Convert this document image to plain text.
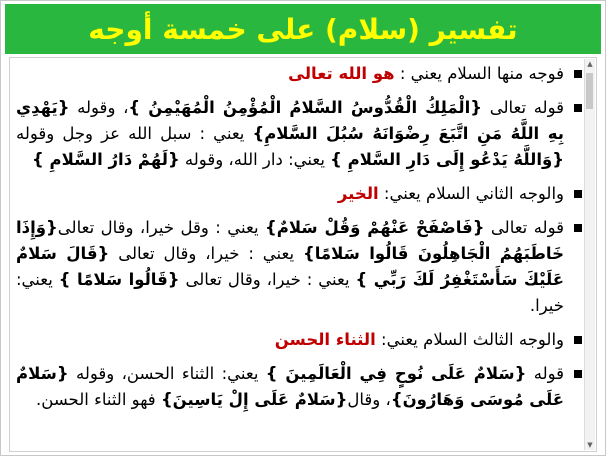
تفسير (سلام) على خمسة أوجه
▲
▼
فوجه منها السلام يعني : هو الله تعالى
قوله تعالى {الْمَلِكُ الْقُدُّوسُ السَّلامُ الْمُؤْمِنُ الْمُهَيْمِنُ }، وقوله {يَهْدِي بِهِ اللَّهُ مَنِ اتَّبَعَ رِضْوَانَهُ سُبُلَ السَّلامِ} يعني : سبل الله عز وجل وقوله {وَاللَّهُ يَدْعُو إِلَى دَارِ السَّلامِ } يعني: دار الله، وقوله {لَهُمْ دَارُ السَّلامِ }
والوجه الثاني السلام يعني: الخير
قوله تعالى {فَاصْفَحْ عَنْهُمْ وَقُلْ سَلامٌ} يعني : وقل خيرا، وقال تعالى{وَإِذَا خَاطَبَهُمُ الْجَاهِلُونَ قَالُوا سَلامًا} يعني : خيرا، وقال تعالى {قَالَ سَلامٌ عَلَيْكَ سَأَسْتَغْفِرُ لَكَ رَبِّي } يعني : خيرا، وقال تعالى {قَالُوا سَلامًا } يعني: خيرا.
والوجه الثالث السلام يعني: الثناء الحسن
قوله {سَلامٌ عَلَى نُوحٍ فِي الْعَالَمِينَ } يعني: الثناء الحسن، وقوله {سَلامٌ عَلَى مُوسَى وَهَارُونَ}، وقال{سَلامٌ عَلَى إِلْ يَاسِينَ} فهو الثناء الحسن.
